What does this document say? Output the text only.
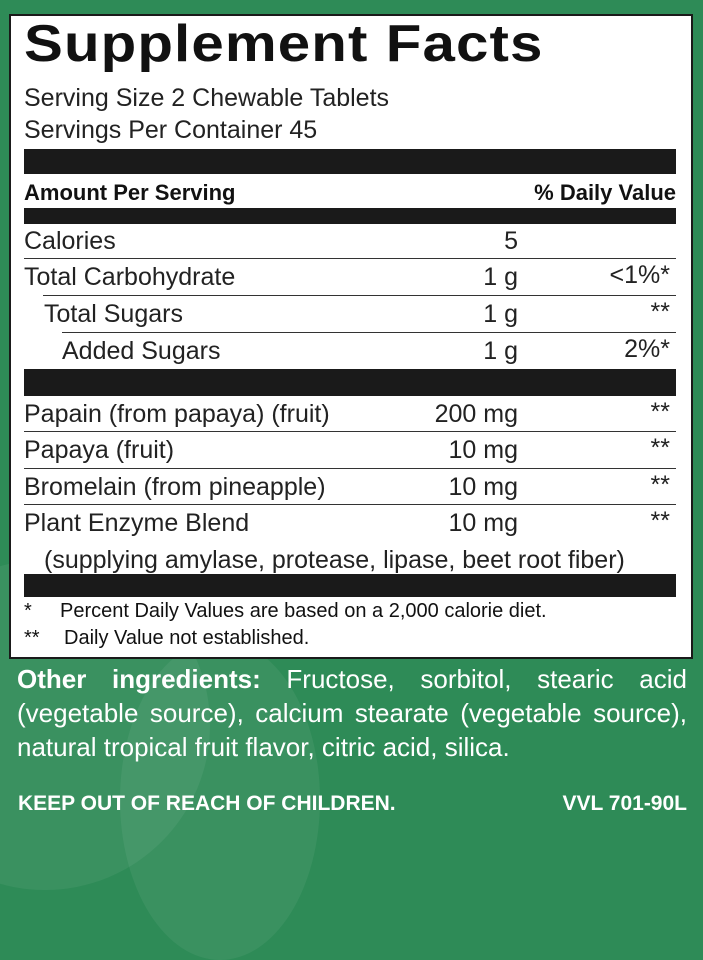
Supplement Facts
Serving Size 2 Chewable Tablets
Servings Per Container 45
Amount Per Serving	% Daily Value
Calories	5
Total Carbohydrate	1 g	<1%*
Total Sugars	1 g	**
Added Sugars	1 g	2%*
Papain (from papaya) (fruit)	200 mg	**
Papaya (fruit)	10 mg	**
Bromelain (from pineapple)	10 mg	**
Plant Enzyme Blend	10 mg	**
(supplying amylase, protease, lipase, beet root fiber)
* Percent Daily Values are based on a 2,000 calorie diet.
** Daily Value not established.
Other ingredients: Fructose, sorbitol, stearic acid (vegetable source), calcium stearate (vegetable source), natural tropical fruit flavor, citric acid, silica.
KEEP OUT OF REACH OF CHILDREN.	VVL 701-90L
